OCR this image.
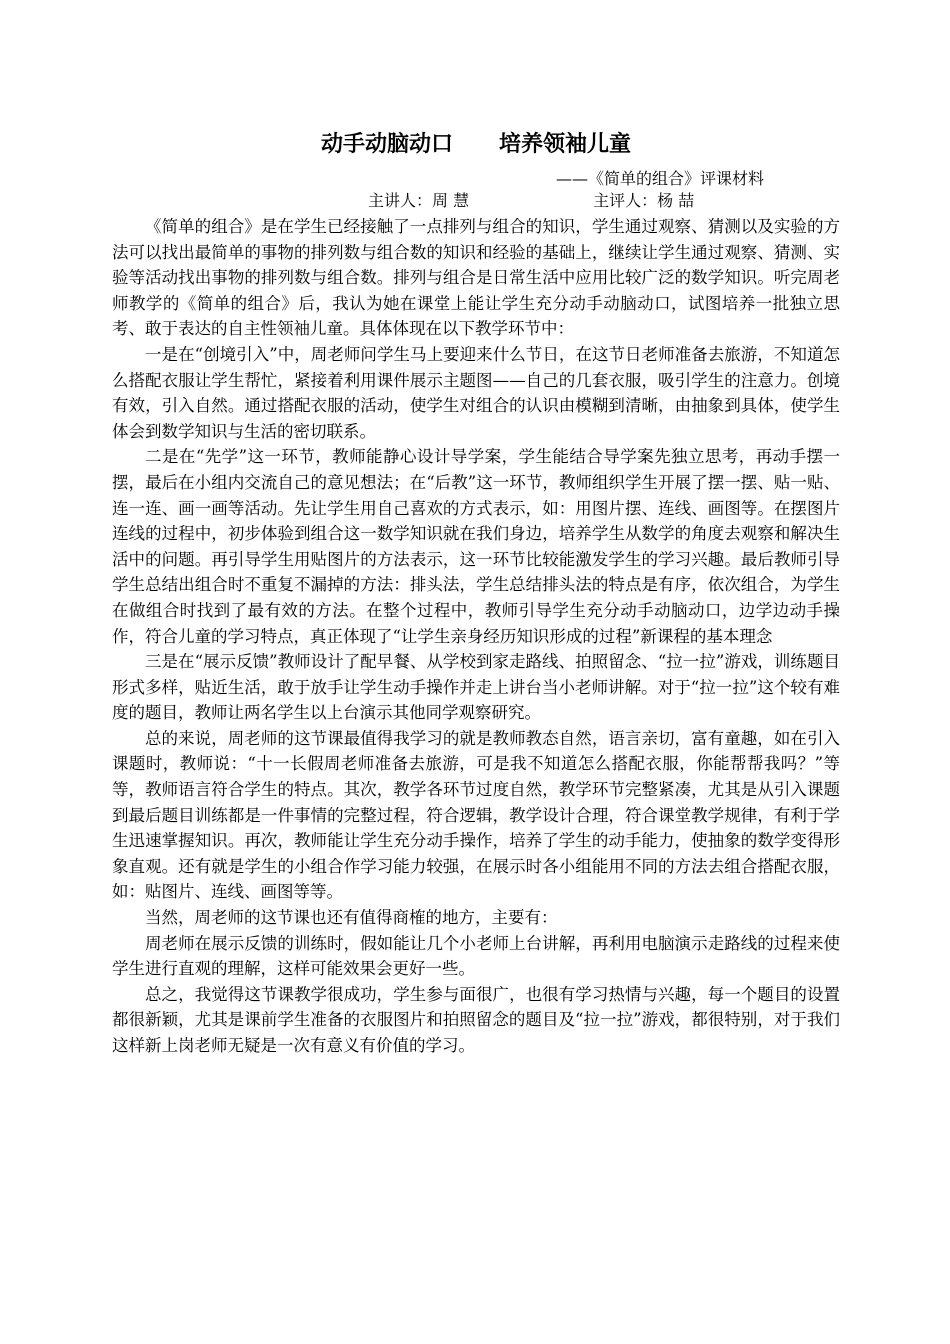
动手动脑动口      培养领袖儿童

——《简单的组合》评课材料

主讲人：周 慧	主评人：杨 喆

《简单的组合》是在学生已经接触了一点排列与组合的知识，学生通过观察、猜测以及实验的方法可以找出最简单的事物的排列数与组合数的知识和经验的基础上，继续让学生通过观察、猜测、实验等活动找出事物的排列数与组合数。排列与组合是日常生活中应用比较广泛的数学知识。听完周老师教学的《简单的组合》后，我认为她在课堂上能让学生充分动手动脑动口，试图培养一批独立思考、敢于表达的自主性领袖儿童。具体体现在以下教学环节中：

一是在“创境引入”中，周老师问学生马上要迎来什么节日，在这节日老师准备去旅游，不知道怎么搭配衣服让学生帮忙，紧接着利用课件展示主题图——自己的几套衣服，吸引学生的注意力。创境有效，引入自然。通过搭配衣服的活动，使学生对组合的认识由模糊到清晰，由抽象到具体，使学生体会到数学知识与生活的密切联系。

二是在“先学”这一环节，教师能静心设计导学案，学生能结合导学案先独立思考，再动手摆一摆，最后在小组内交流自己的意见想法；在“后教”这一环节，教师组织学生开展了摆一摆、贴一贴、连一连、画一画等活动。先让学生用自己喜欢的方式表示，如：用图片摆、连线、画图等。在摆图片连线的过程中，初步体验到组合这一数学知识就在我们身边，培养学生从数学的角度去观察和解决生活中的问题。再引导学生用贴图片的方法表示，这一环节比较能激发学生的学习兴趣。最后教师引导学生总结出组合时不重复不漏掉的方法：排头法，学生总结排头法的特点是有序，依次组合，为学生在做组合时找到了最有效的方法。在整个过程中，教师引导学生充分动手动脑动口，边学边动手操作，符合儿童的学习特点，真正体现了“让学生亲身经历知识形成的过程”新课程的基本理念

三是在“展示反馈”教师设计了配早餐、从学校到家走路线、拍照留念、“拉一拉”游戏，训练题目形式多样，贴近生活，敢于放手让学生动手操作并走上讲台当小老师讲解。对于“拉一拉”这个较有难度的题目，教师让两名学生以上台演示其他同学观察研究。

总的来说，周老师的这节课最值得我学习的就是教师教态自然，语言亲切，富有童趣，如在引入课题时，教师说：“十一长假周老师准备去旅游，可是我不知道怎么搭配衣服，你能帮帮我吗？”等等，教师语言符合学生的特点。其次，教学各环节过度自然，教学环节完整紧凑，尤其是从引入课题到最后题目训练都是一件事情的完整过程，符合逻辑，教学设计合理，符合课堂教学规律，有利于学生迅速掌握知识。再次，教师能让学生充分动手操作，培养了学生的动手能力，使抽象的数学变得形象直观。还有就是学生的小组合作学习能力较强，在展示时各小组能用不同的方法去组合搭配衣服，如：贴图片、连线、画图等等。

当然，周老师的这节课也还有值得商榷的地方，主要有：

周老师在展示反馈的训练时，假如能让几个小老师上台讲解，再利用电脑演示走路线的过程来使学生进行直观的理解，这样可能效果会更好一些。

总之，我觉得这节课教学很成功，学生参与面很广，也很有学习热情与兴趣，每一个题目的设置都很新颖，尤其是课前学生准备的衣服图片和拍照留念的题目及“拉一拉”游戏，都很特别，对于我们这样新上岗老师无疑是一次有意义有价值的学习。
